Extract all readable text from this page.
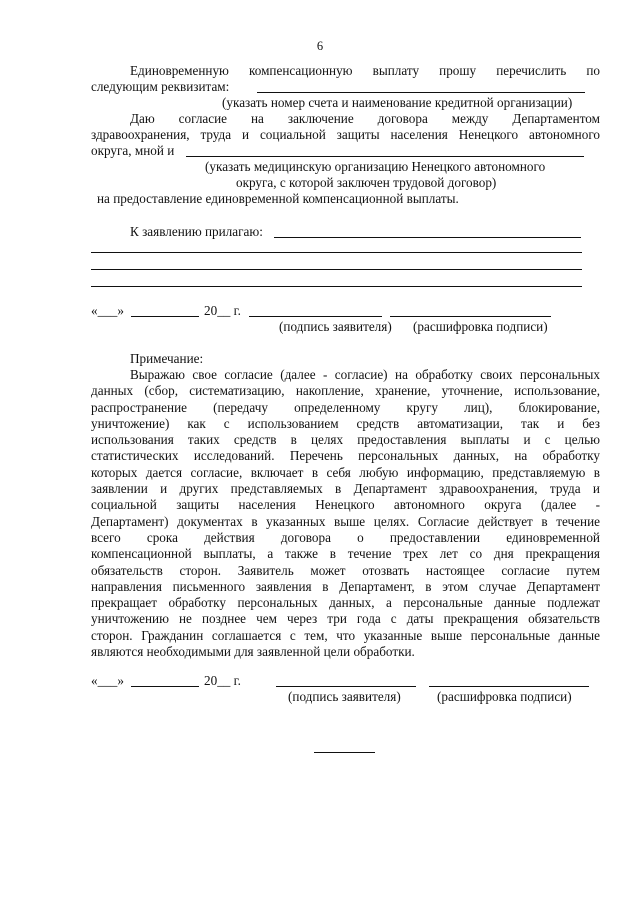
6
Единовременную компенсационную выплату прошу перечислить по
следующим реквизитам:
(указать номер счета и наименование кредитной организации)
Даю согласие на заключение договора между Департаментом
здравоохранения, труда и социальной защиты населения Ненецкого автономного
округа, мной и
(указать медицинскую организацию Ненецкого автономного
округа, с которой заключен трудовой договор)
на предоставление единовременной компенсационной выплаты.
К заявлению прилагаю:
«___»	20__ г.
(подпись заявителя) (расшифровка подписи)
Примечание:
Выражаю свое согласие (далее - согласие) на обработку своих персональных
данных (сбор, систематизацию, накопление, хранение, уточнение, использование,
распространение (передачу определенному кругу лиц), блокирование,
уничтожение) как с использованием средств автоматизации, так и без
использования таких средств в целях предоставления выплаты и с целью
статистических исследований. Перечень персональных данных, на обработку
которых дается согласие, включает в себя любую информацию, представляемую в
заявлении и других представляемых в Департамент здравоохранения, труда и
социальной защиты населения Ненецкого автономного округа (далее -
Департамент) документах в указанных выше целях. Согласие действует в течение
всего срока действия договора о предоставлении единовременной
компенсационной выплаты, а также в течение трех лет со дня прекращения
обязательств сторон. Заявитель может отозвать настоящее согласие путем
направления письменного заявления в Департамент, в этом случае Департамент
прекращает обработку персональных данных, а персональные данные подлежат
уничтожению не позднее чем через три года с даты прекращения обязательств
сторон. Гражданин соглашается с тем, что указанные выше персональные данные
являются необходимыми для заявленной цели обработки.
«___»	20__ г.
(подпись заявителя)	(расшифровка подписи)
